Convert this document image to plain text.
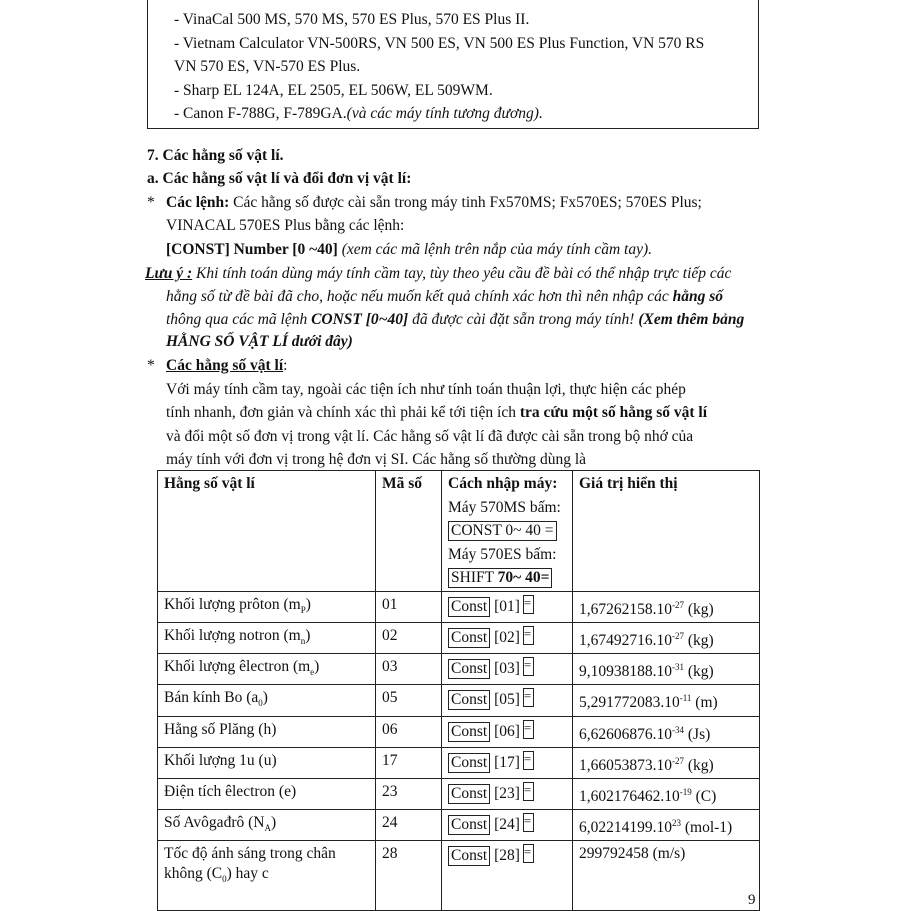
- VinaCal 500 MS, 570 MS, 570 ES Plus, 570 ES Plus II.
- Vietnam Calculator VN-500RS, VN 500 ES, VN 500 ES Plus Function, VN 570 RS
VN 570 ES, VN-570 ES Plus.
- Sharp EL 124A, EL 2505, EL 506W, EL 509WM.
- Canon F-788G, F-789GA.(và các máy tính tương đương).
7. Các hằng số vật lí.
a. Các hằng số vật lí và đổi đơn vị vật lí:
* Các lệnh: Các hằng số được cài sẵn trong máy tinh Fx570MS; Fx570ES; 570ES Plus;
VINACAL 570ES Plus bằng các lệnh:
[CONST] Number [0 ~40] (xem các mã lệnh trên nắp của máy tính cầm tay).
Lưu ý : Khi tính toán dùng máy tính cầm tay, tùy theo yêu cầu đề bài có thể nhập trực tiếp các
hằng số từ đề bài đã cho, hoặc nếu muốn kết quả chính xác hơn thì nên nhập các hằng số
thông qua các mã lệnh CONST [0~40] đã được cài đặt sẵn trong máy tính! (Xem thêm bảng
HẰNG SỐ VẬT LÍ dưới đây)
* Các hằng số vật lí:
Với máy tính cầm tay, ngoài các tiện ích như tính toán thuận lợi, thực hiện các phép
tính nhanh, đơn giản và chính xác thì phải kể tới tiện ích tra cứu một số hằng số vật lí
và đổi một số đơn vị trong vật lí. Các hằng số vật lí đã được cài sẵn trong bộ nhớ của
máy tính với đơn vị trong hệ đơn vị SI. Các hằng số thường dùng là
Hằng số vật lí	Mã số	Cách nhập máy:
Máy 570MS bấm:
CONST 0~ 40 =
Máy 570ES bấm:
SHIFT 70~ 40=	Giá trị hiển thị
Khối lượng prôton $(m_P)$	01	Const [01]=	$1,67262158.10^{-27}$ (kg)
Khối lượng notron $(m_n)$	02	Const [02]=	$1,67492716.10^{-27}$ (kg)
Khối lượng êlectron $(m_e)$	03	Const [03]=	$9,10938188.10^{-31}$ (kg)
Bán kính Bo $(a_0)$	05	Const [05]=	$5,291772083.10^{-11}$ (m)
Hằng số Plăng (h)	06	Const [06]=	$6,62606876.10^{-34}$ (Js)
Khối lượng 1u (u)	17	Const [17]=	$1,66053873.10^{-27}$ (kg)
Điện tích êlectron (e)	23	Const [23]=	$1,602176462.10^{-19}$ (C)
Số Avôgađrô $(N_A)$	24	Const [24]=	$6,02214199.10^{23}$ (mol-1)
Tốc độ ánh sáng trong chân
không $(C_0)$ hay c	28	Const [28]=	299792458 (m/s)
9
